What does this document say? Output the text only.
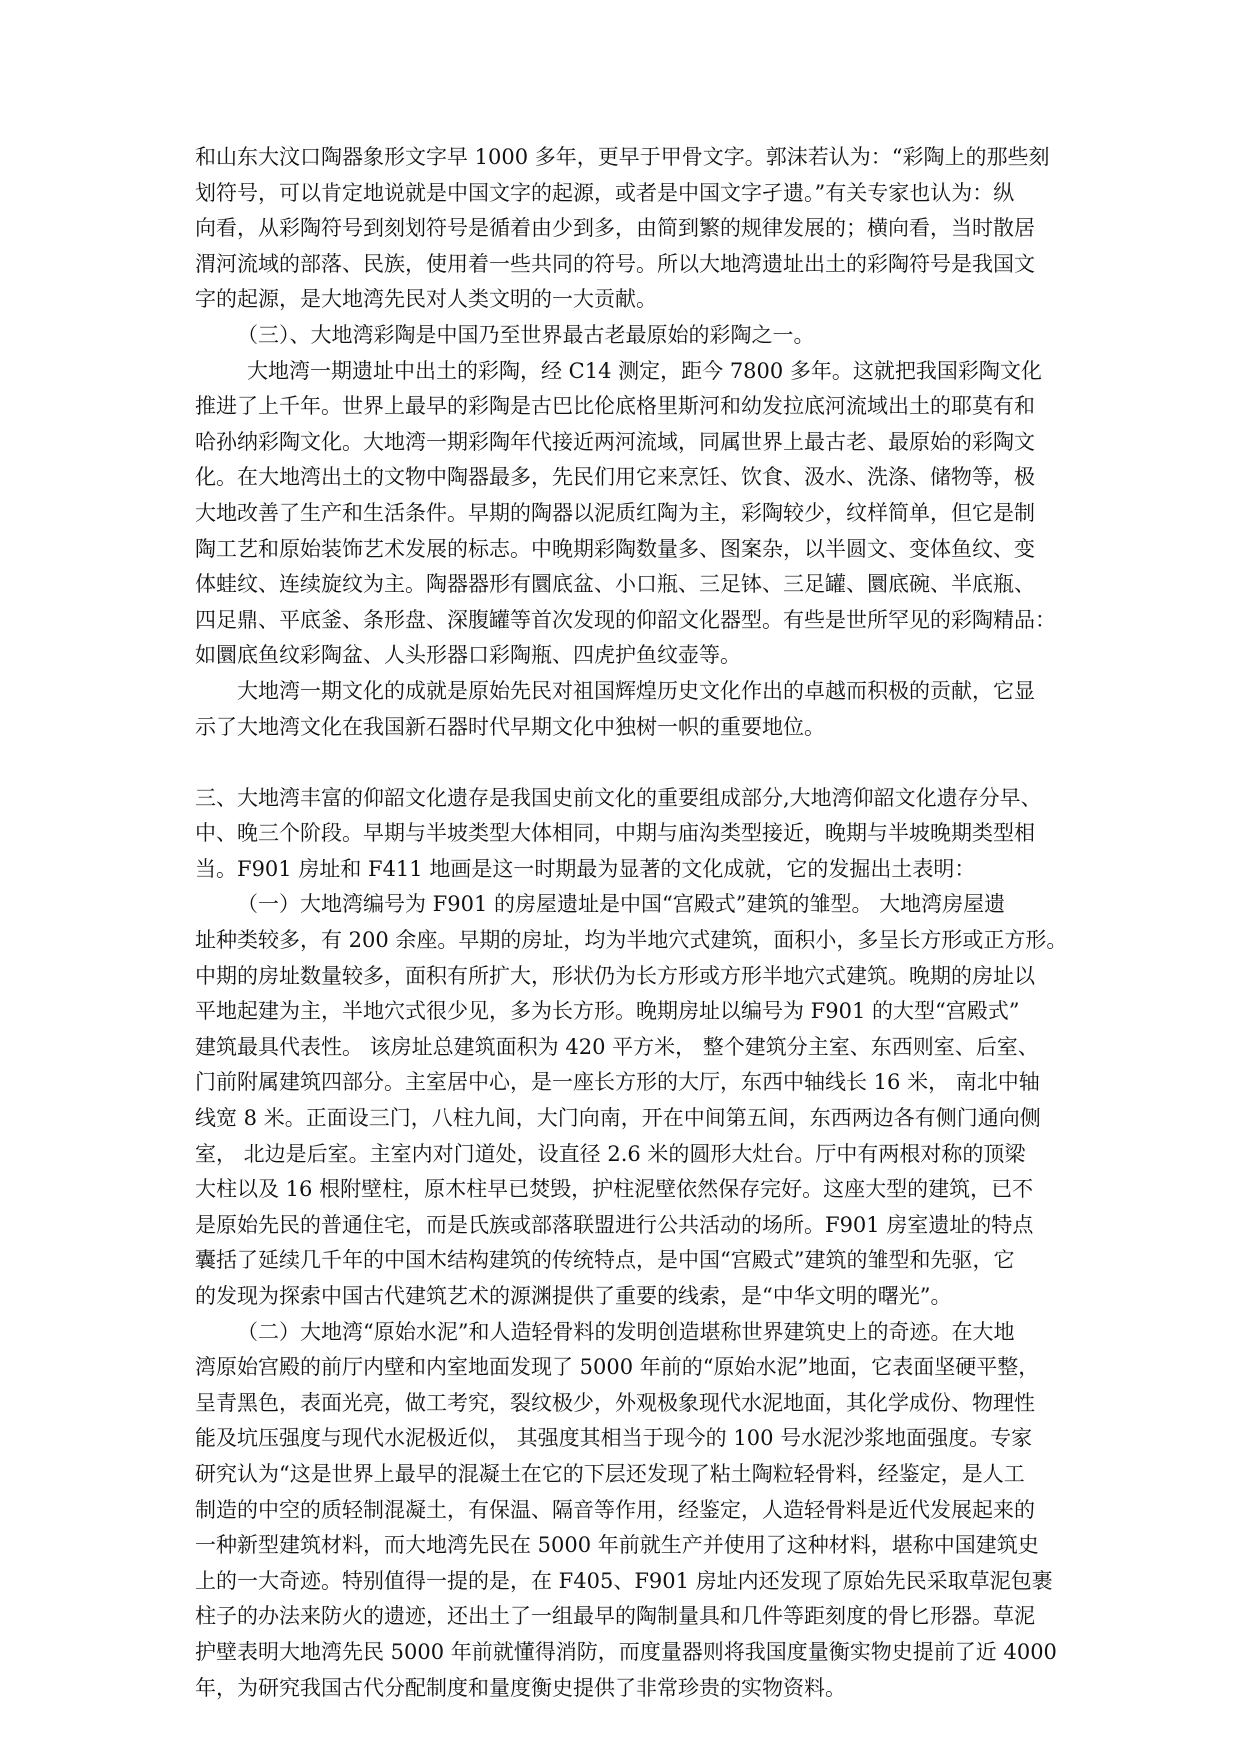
和山东大汶口陶器象形文字早 1000 多年，更早于甲骨文字。郭沫若认为：“彩陶上的那些刻
划符号，可以肯定地说就是中国文字的起源，或者是中国文字孑遗。”有关专家也认为：纵
向看，从彩陶符号到刻划符号是循着由少到多，由简到繁的规律发展的；横向看，当时散居
渭河流域的部落、民族，使用着一些共同的符号。所以大地湾遗址出土的彩陶符号是我国文
字的起源，是大地湾先民对人类文明的一大贡献。
（三）、大地湾彩陶是中国乃至世界最古老最原始的彩陶之一。
大地湾一期遗址中出土的彩陶，经 C14 测定，距今 7800 多年。这就把我国彩陶文化
推进了上千年。世界上最早的彩陶是古巴比伦底格里斯河和幼发拉底河流域出土的耶莫有和
哈孙纳彩陶文化。大地湾一期彩陶年代接近两河流域，同属世界上最古老、最原始的彩陶文
化。在大地湾出土的文物中陶器最多，先民们用它来烹饪、饮食、汲水、洗涤、储物等，极
大地改善了生产和生活条件。早期的陶器以泥质红陶为主，彩陶较少，纹样简单，但它是制
陶工艺和原始装饰艺术发展的标志。中晚期彩陶数量多、图案杂，以半圆文、变体鱼纹、变
体蛙纹、连续旋纹为主。陶器器形有圜底盆、小口瓶、三足钵、三足罐、圜底碗、半底瓶、
四足鼎、平底釜、条形盘、深腹罐等首次发现的仰韶文化器型。有些是世所罕见的彩陶精品：
如圜底鱼纹彩陶盆、人头形器口彩陶瓶、四虎护鱼纹壶等。
大地湾一期文化的成就是原始先民对祖国辉煌历史文化作出的卓越而积极的贡献，它显
示了大地湾文化在我国新石器时代早期文化中独树一帜的重要地位。
三、大地湾丰富的仰韶文化遗存是我国史前文化的重要组成部分,大地湾仰韶文化遗存分早、
中、晚三个阶段。早期与半坡类型大体相同，中期与庙沟类型接近，晚期与半坡晚期类型相
当。F901 房址和 F411 地画是这一时期最为显著的文化成就，它的发掘出土表明：
（一）大地湾编号为 F901 的房屋遗址是中国“宫殿式”建筑的雏型。 大地湾房屋遗
址种类较多，有 200 余座。早期的房址，均为半地穴式建筑，面积小，多呈长方形或正方形。
中期的房址数量较多，面积有所扩大，形状仍为长方形或方形半地穴式建筑。晚期的房址以
平地起建为主，半地穴式很少见，多为长方形。晚期房址以编号为 F901 的大型“宫殿式”
建筑最具代表性。 该房址总建筑面积为 420 平方米， 整个建筑分主室、东西则室、后室、
门前附属建筑四部分。主室居中心，是一座长方形的大厅，东西中轴线长 16 米， 南北中轴
线宽 8 米。正面设三门，八柱九间，大门向南，开在中间第五间，东西两边各有侧门通向侧
室， 北边是后室。主室内对门道处，设直径 2.6 米的圆形大灶台。厅中有两根对称的顶梁
大柱以及 16 根附壁柱，原木柱早已焚毁，护柱泥壁依然保存完好。这座大型的建筑，已不
是原始先民的普通住宅，而是氏族或部落联盟进行公共活动的场所。F901 房室遗址的特点
囊括了延续几千年的中国木结构建筑的传统特点，是中国“宫殿式”建筑的雏型和先驱，它
的发现为探索中国古代建筑艺术的源渊提供了重要的线索，是“中华文明的曙光”。
（二）大地湾“原始水泥”和人造轻骨料的发明创造堪称世界建筑史上的奇迹。在大地
湾原始宫殿的前厅内壁和内室地面发现了 5000 年前的“原始水泥”地面，它表面坚硬平整，
呈青黑色，表面光亮，做工考究，裂纹极少，外观极象现代水泥地面，其化学成份、物理性
能及坑压强度与现代水泥极近似， 其强度其相当于现今的 100 号水泥沙浆地面强度。专家
研究认为“这是世界上最早的混凝土在它的下层还发现了粘土陶粒轻骨料，经鉴定，是人工
制造的中空的质轻制混凝土，有保温、隔音等作用，经鉴定，人造轻骨料是近代发展起来的
一种新型建筑材料，而大地湾先民在 5000 年前就生产并使用了这种材料，堪称中国建筑史
上的一大奇迹。特别值得一提的是，在 F405、F901 房址内还发现了原始先民采取草泥包裹
柱子的办法来防火的遗迹，还出土了一组最早的陶制量具和几件等距刻度的骨匕形器。草泥
护壁表明大地湾先民 5000 年前就懂得消防，而度量器则将我国度量衡实物史提前了近 4000
年，为研究我国古代分配制度和量度衡史提供了非常珍贵的实物资料。
